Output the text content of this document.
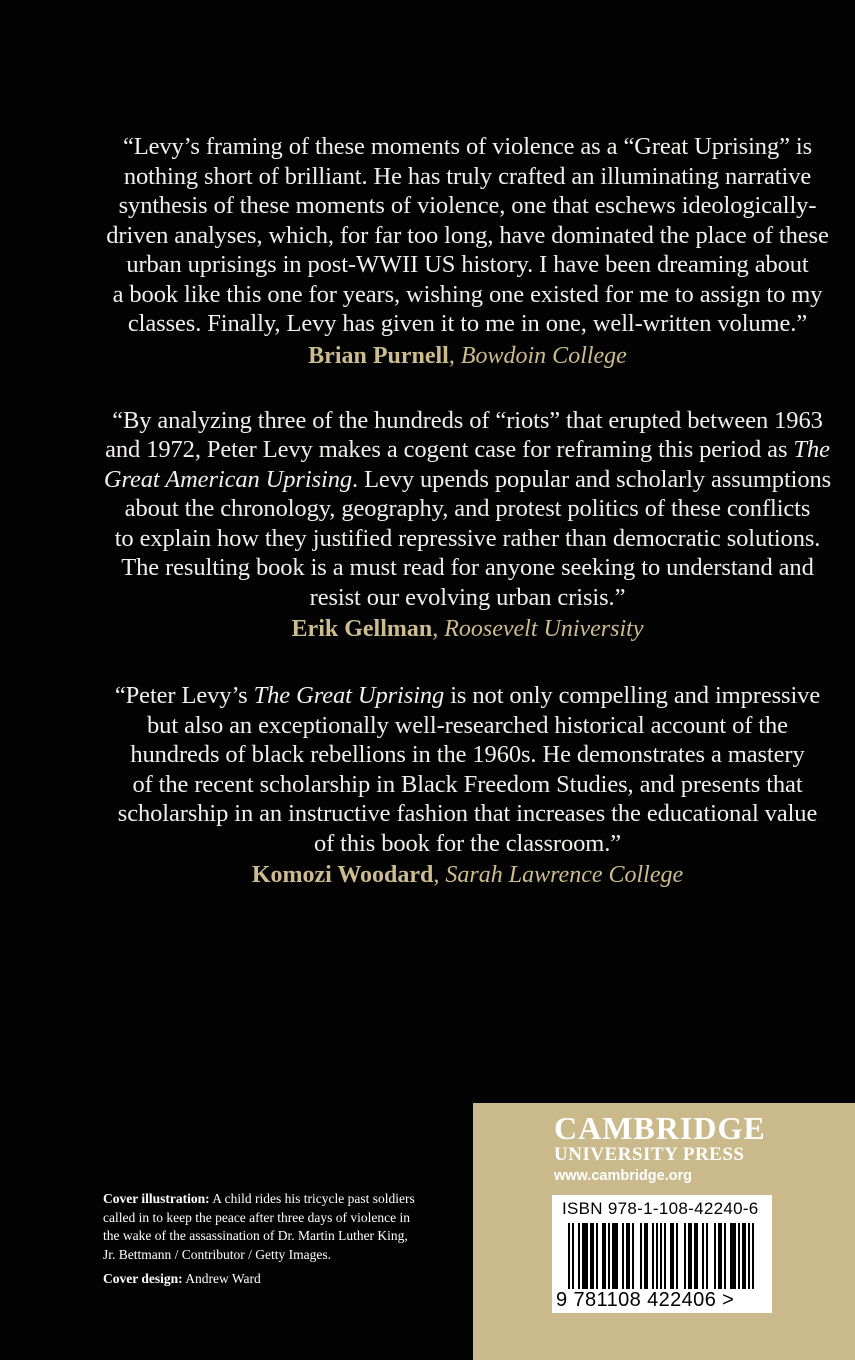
“Levy’s framing of these moments of violence as a “Great Uprising” is
nothing short of brilliant. He has truly crafted an illuminating narrative
synthesis of these moments of violence, one that eschews ideologically-
driven analyses, which, for far too long, have dominated the place of these
urban uprisings in post-WWII US history. I have been dreaming about
a book like this one for years, wishing one existed for me to assign to my
classes. Finally, Levy has given it to me in one, well-written volume.”

Brian Purnell, Bowdoin College

“By analyzing three of the hundreds of “riots” that erupted between 1963
and 1972, Peter Levy makes a cogent case for reframing this period as The
Great American Uprising. Levy upends popular and scholarly assumptions
about the chronology, geography, and protest politics of these conflicts
to explain how they justified repressive rather than democratic solutions.
The resulting book is a must read for anyone seeking to understand and
resist our evolving urban crisis.”

Erik Gellman, Roosevelt University

“Peter Levy’s The Great Uprising is not only compelling and impressive
but also an exceptionally well-researched historical account of the
hundreds of black rebellions in the 1960s. He demonstrates a mastery
of the recent scholarship in Black Freedom Studies, and presents that
scholarship in an instructive fashion that increases the educational value
of this book for the classroom.”

Komozi Woodard, Sarah Lawrence College

Cover illustration: A child rides his tricycle past soldiers
called in to keep the peace after three days of violence in
the wake of the assassination of Dr. Martin Luther King,
Jr. Bettmann / Contributor / Getty Images.

Cover design: Andrew Ward

CAMBRIDGE
UNIVERSITY PRESS
www.cambridge.org
ISBN 978-1-108-42240-6
9 781108 422406 >
